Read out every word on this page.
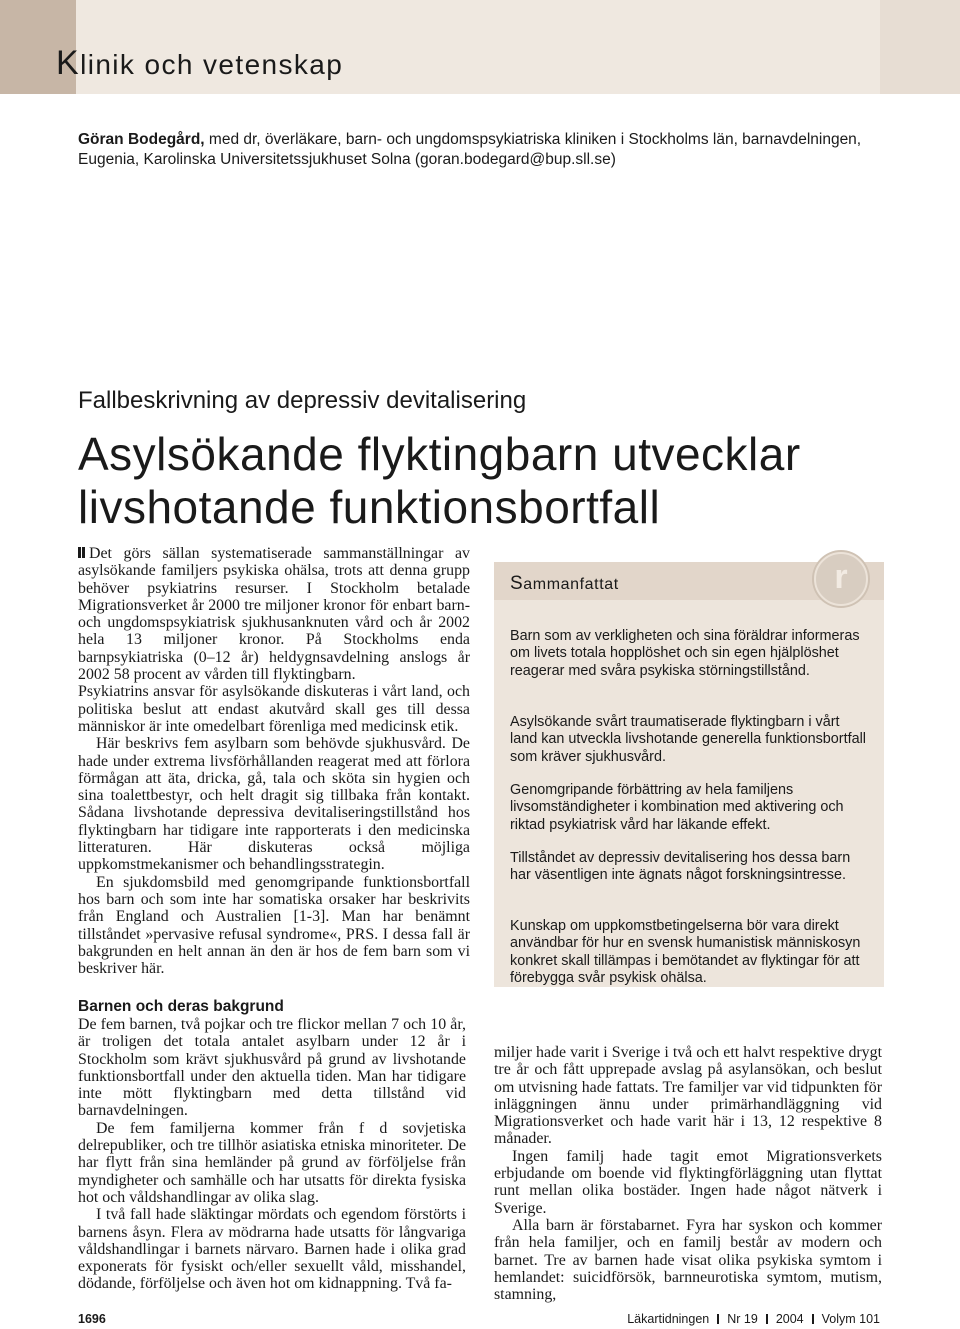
Klinik och vetenskap
Göran Bodegård, med dr, överläkare, barn- och ungdomspsykiatriska kliniken i Stockholms län, barnavdelningen, Eugenia, Karolinska Universitetssjukhuset Solna (goran.bodegard@bup.sll.se)
Fallbeskrivning av depressiv devitalisering
Asylsökande flyktingbarn utvecklar
livshotande funktionsbortfall

Det görs sällan systematiserade sammanställningar av asylsökande familjers psykiska ohälsa, trots att denna grupp behöver psykiatrins resurser. I Stockholm betalade Migrationsverket år 2000 tre miljoner kronor för enbart barn- och ungdomspsykiatrisk sjukhusanknuten vård och år 2002 hela 13 miljoner kronor. På Stockholms enda barnpsykiatriska (0–12 år) heldygnsavdelning anslogs år 2002 58 procent av vården till flyktingbarn.

Psykiatrins ansvar för asylsökande diskuteras i vårt land, och politiska beslut att endast akutvård skall ges till dessa människor är inte omedelbart förenliga med medicinsk etik.

Här beskrivs fem asylbarn som behövde sjukhusvård. De hade under extrema livsförhållanden reagerat med att förlora förmågan att äta, dricka, gå, tala och sköta sin hygien och sina toalettbestyr, och helt dragit sig tillbaka från kontakt. Sådana livshotande depressiva devitaliseringstillstånd hos flyktingbarn har tidigare inte rapporterats i den medicinska litteraturen. Här diskuteras också möjliga uppkomstmekanismer och behandlingsstrategin.

En sjukdomsbild med genomgripande funktionsbortfall hos barn och som inte har somatiska orsaker har beskrivits från England och Australien [1-3]. Man har benämnt tillståndet »pervasive refusal syndrome«, PRS. I dessa fall är bakgrunden en helt annan än den är hos de fem barn som vi beskriver här.

Barnen och deras bakgrund

De fem barnen, två pojkar och tre flickor mellan 7 och 10 år, är troligen det totala antalet asylbarn under 12 år i Stockholm som krävt sjukhusvård på grund av livshotande funktionsbortfall under den aktuella tiden. Man har tidigare inte mött flyktingbarn med detta tillstånd vid barnavdelningen.

De fem familjerna kommer från f d sovjetiska delrepubliker, och tre tillhör asiatiska etniska minoriteter. De har flytt från sina hemländer på grund av förföljelse från myndigheter och samhälle och har utsatts för direkta fysiska hot och våldshandlingar av olika slag.

I två fall hade släktingar mördats och egendom förstörts i barnens åsyn. Flera av mödrarna hade utsatts för långvariga våldshandlingar i barnets närvaro. Barnen hade i olika grad exponerats för fysiskt och/eller sexuellt våld, misshandel, dödande, förföljelse och även hot om kidnappning. Två fa-

miljer hade varit i Sverige i två och ett halvt respektive drygt tre år och fått upprepade avslag på asylansökan, och beslut om utvisning hade fattats. Tre familjer var vid tidpunkten för inläggningen ännu under primärhandläggning vid Migrationsverket och hade varit här i 13, 12 respektive 8 månader.

Ingen familj hade tagit emot Migrationsverkets erbjudande om boende vid flyktingförläggning utan flyttat runt mellan olika bostäder. Ingen hade något nätverk i Sverige.

Alla barn är förstabarnet. Fyra har syskon och kommer från hela familjer, och en familj består av modern och barnet. Tre av barnen hade visat olika psykiska symtom i hemlandet: suicidförsök, barnneurotiska symtom, mutism, stamning,

Sammanfattat	r

Barn som av verkligheten och sina föräldrar informeras om livets totala hopplöshet och sin egen hjälplöshet reagerar med svåra psykiska störningstillstånd.

Asylsökande svårt traumatiserade flyktingbarn i vårt land kan utveckla livshotande generella funktionsbortfall som kräver sjukhusvård.

Genomgripande förbättring av hela familjens livsomständigheter i kombination med aktivering och riktad psykiatrisk vård har läkande effekt.

Tillståndet av depressiv devitalisering hos dessa barn har väsentligen inte ägnats något forskningsintresse.

Kunskap om uppkomstbetingelserna bör vara direkt användbar för hur en svensk humanistisk människosyn konkret skall tillämpas i bemötandet av flyktingar för att förebygga svår psykisk ohälsa.

1696	Läkartidningen Nr 19 2004 Volym 101
